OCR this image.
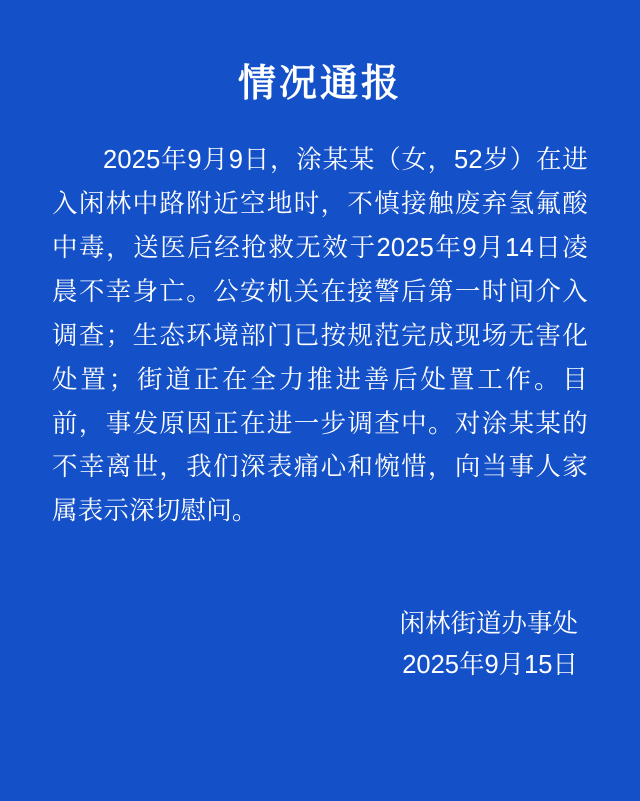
情况通报

2025年9月9日，涂某某（女，52岁）在进入闲林中路附近空地时，不慎接触废弃氢氟酸中毒，送医后经抢救无效于2025年9月14日凌晨不幸身亡。公安机关在接警后第一时间介入调查；生态环境部门已按规范完成现场无害化处置；街道正在全力推进善后处置工作。目前，事发原因正在进一步调查中。对涂某某的不幸离世，我们深表痛心和惋惜，向当事人家属表示深切慰问。

闲林街道办事处
2025年9月15日
